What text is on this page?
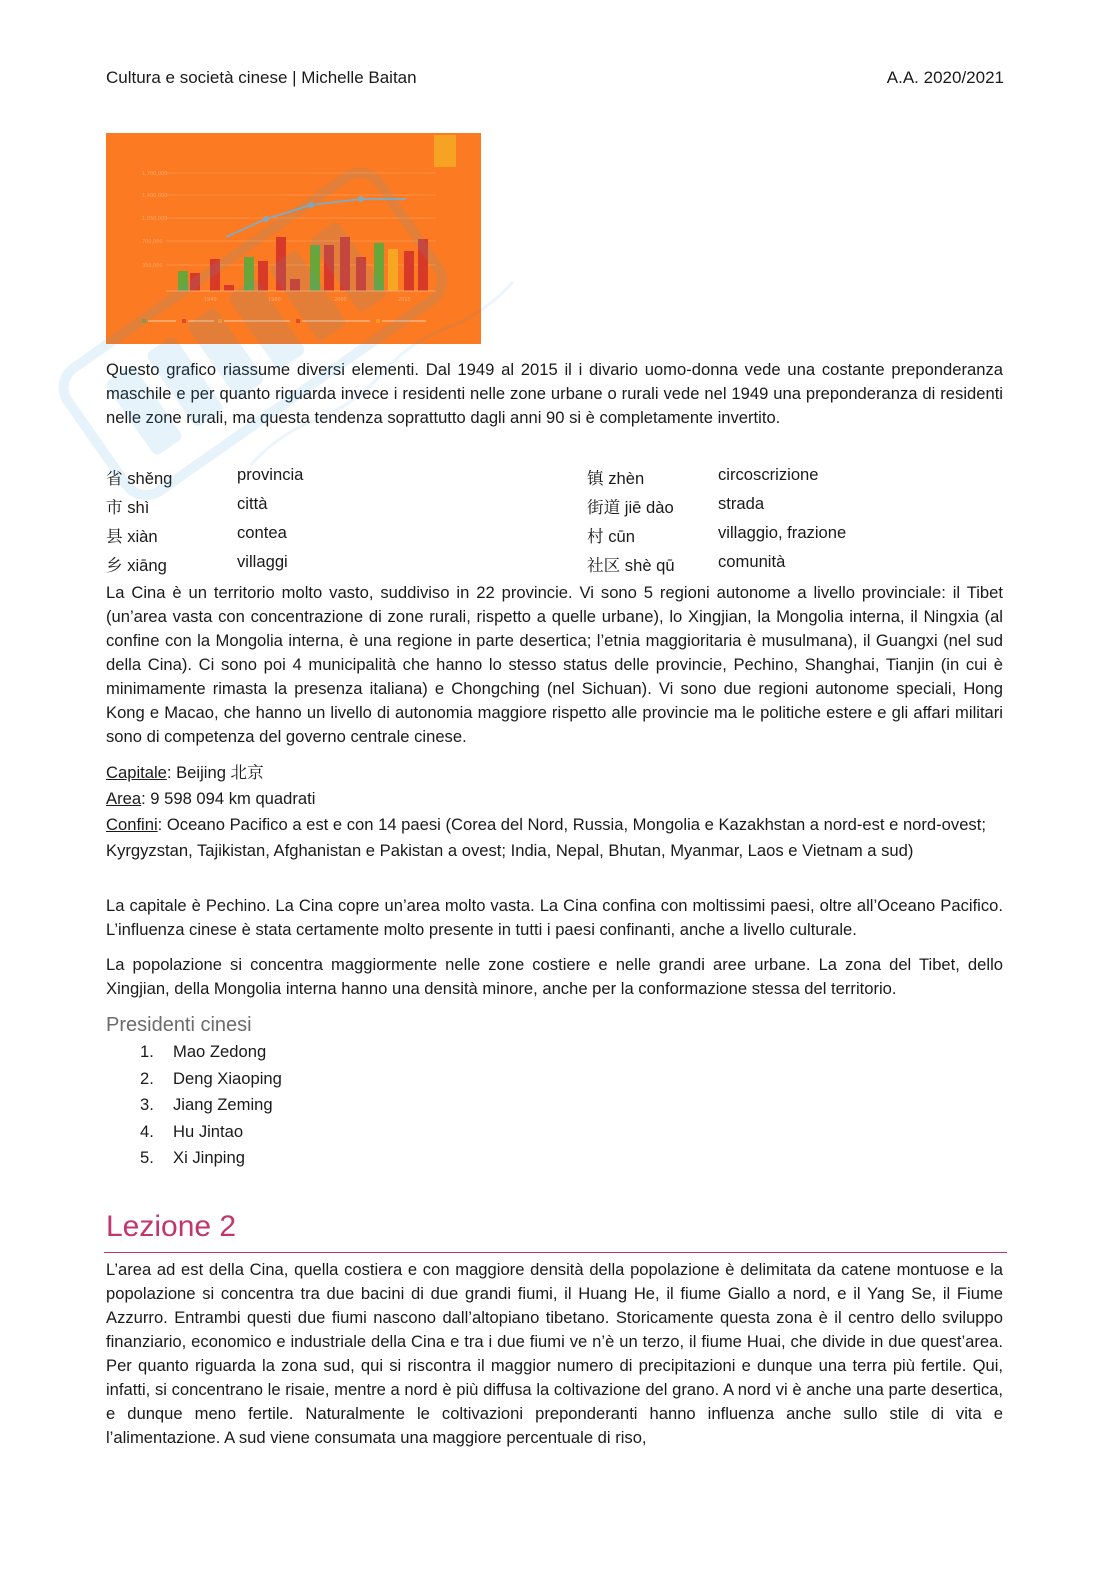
Cultura e società cinese | Michelle Baitan	A.A. 2020/2021
1,700,000
1,400,000
1,050,000
700,000
350,000
1949	1980	2000	2015

Questo grafico riassume diversi elementi. Dal 1949 al 2015 il i divario uomo-donna vede una costante preponderanza maschile e per quanto riguarda invece i residenti nelle zone urbane o rurali vede nel 1949 una preponderanza di residenti nelle zone rurali, ma questa tendenza soprattutto dagli anni 90 si è completamente invertito.

省 shěng	provincia	镇 zhèn	circoscrizione
市 shì	città	街道 jiē dào	strada
县 xiàn	contea	村 cūn	villaggio, frazione
乡 xiāng	villaggi	社区 shè qū	comunità

La Cina è un territorio molto vasto, suddiviso in 22 provincie. Vi sono 5 regioni autonome a livello provinciale: il Tibet (un’area vasta con concentrazione di zone rurali, rispetto a quelle urbane), lo Xingjian, la Mongolia interna, il Ningxia (al confine con la Mongolia interna, è una regione in parte desertica; l’etnia maggioritaria è musulmana), il Guangxi (nel sud della Cina). Ci sono poi 4 municipalità che hanno lo stesso status delle provincie, Pechino, Shanghai, Tianjin (in cui è minimamente rimasta la presenza italiana) e Chongching (nel Sichuan). Vi sono due regioni autonome speciali, Hong Kong e Macao, che hanno un livello di autonomia maggiore rispetto alle provincie ma le politiche estere e gli affari militari sono di competenza del governo centrale cinese.

Capitale: Beijing 北京
Area: 9 598 094 km quadrati
Confini: Oceano Pacifico a est e con 14 paesi (Corea del Nord, Russia, Mongolia e Kazakhstan a nord-est e nord-ovest; Kyrgyzstan, Tajikistan, Afghanistan e Pakistan a ovest; India, Nepal, Bhutan, Myanmar, Laos e Vietnam a sud)

La capitale è Pechino. La Cina copre un’area molto vasta. La Cina confina con moltissimi paesi, oltre all’Oceano Pacifico. L’influenza cinese è stata certamente molto presente in tutti i paesi confinanti, anche a livello culturale.

La popolazione si concentra maggiormente nelle zone costiere e nelle grandi aree urbane. La zona del Tibet, dello Xingjian, della Mongolia interna hanno una densità minore, anche per la conformazione stessa del territorio.

Presidenti cinesi
1.	Mao Zedong
2.	Deng Xiaoping
3.	Jiang Zeming
4.	Hu Jintao
5.	Xi Jinping
Lezione 2

L’area ad est della Cina, quella costiera e con maggiore densità della popolazione è delimitata da catene montuose e la popolazione si concentra tra due bacini di due grandi fiumi, il Huang He, il fiume Giallo a nord, e il Yang Se, il Fiume Azzurro. Entrambi questi due fiumi nascono dall’altopiano tibetano. Storicamente questa zona è il centro dello sviluppo finanziario, economico e industriale della Cina e tra i due fiumi ve n’è un terzo, il fiume Huai, che divide in due quest’area. Per quanto riguarda la zona sud, qui si riscontra il maggior numero di precipitazioni e dunque una terra più fertile. Qui, infatti, si concentrano le risaie, mentre a nord è più diffusa la coltivazione del grano. A nord vi è anche una parte desertica, e dunque meno fertile. Naturalmente le coltivazioni preponderanti hanno influenza anche sullo stile di vita e l’alimentazione. A sud viene consumata una maggiore percentuale di riso,
